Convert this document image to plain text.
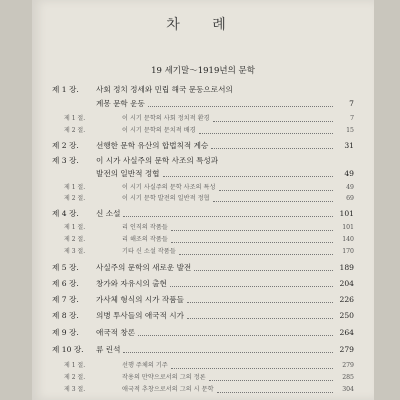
차 례
19 세기말～1919년의 문학
제 1 장.	사회 정치 정세와 민립 해국 문동으로서의
계몽 문학 운동	7
제 1 절.	이 시기 문학의 사회 정치적 환경	7
제 2 절.	이 시기 문학의 문치적 배경	15
제 2 장.	선행한 문학 유산의 합법칙적 계승	31
제 3 장.	이 시가 사실주의 문학 사조의 특성과
발전의 일반적 정협	49
제 1 절.	이 시기 사실주의 문학 사조의 특성	49
제 2 절.	이 시기 문학 발전의 일반적 정협	69
제 4 장.	신 소설	101
제 1 절.	리 인직의 작품들	101
제 2 절.	리 해조의 작품들	140
제 3 절.	기타 신 소설 작품들	170
제 5 장.	사실주의 문학의 새로운 발전	189
제 6 장.	창가와 자유시의 출현	204
제 7 장.	가사체 형식의 시가 작품들	226
제 8 장.	의병 투사들의 애국적 시가	250
제 9 장.	애국적 창론	264
제 10 장.	류 린석	279
제 1 절.	선행 주체의 기주	279
제 2 절.	작용의 만약으로서의 그의 정론	285
제 3 절.	애국적 추창으로서의 그의 시 문학	304
